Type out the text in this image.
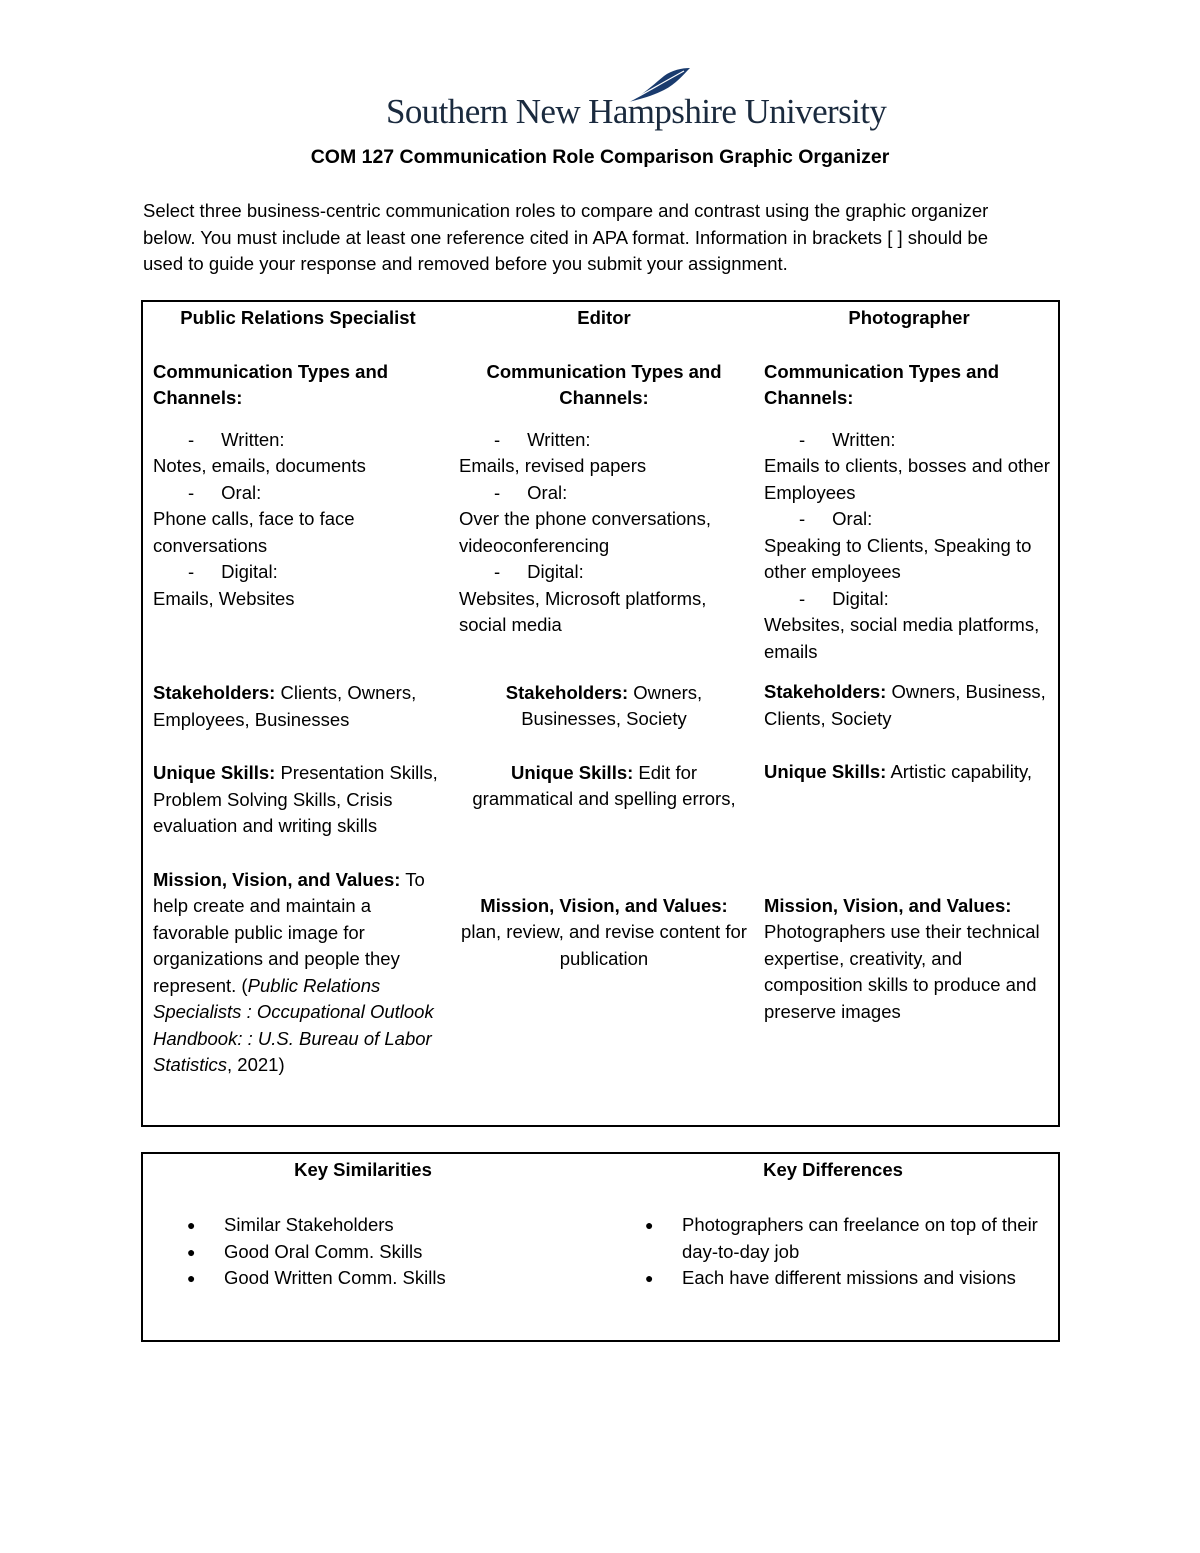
Southern New Hampshire University
COM 127 Communication Role Comparison Graphic Organizer

Select three business-centric communication roles to compare and contrast using the graphic organizer

below. You must include at least one reference cited in APA format. Information in brackets [ ] should be

used to guide your response and removed before you submit your assignment.

Public Relations Specialist

Communication Types and Channels:

- Written:

Notes, emails, documents

- Oral:

Phone calls, face to face conversations

- Digital:

Emails, Websites

Stakeholders: Clients, Owners, Employees, Businesses

Unique Skills: Presentation Skills, Problem Solving Skills, Crisis evaluation and writing skills

Mission, Vision, and Values: To help create and maintain a favorable public image for organizations and people they represent. (Public Relations Specialists : Occupational Outlook Handbook: : U.S. Bureau of Labor Statistics, 2021)

Editor

Communication Types and Channels:

- Written:

Emails, revised papers

- Oral:

Over the phone conversations, videoconferencing

- Digital:

Websites, Microsoft platforms, social media

Stakeholders: Owners, Businesses, Society

Unique Skills: Edit for grammatical and spelling errors,

Mission, Vision, and Values: plan, review, and revise content for publication

Photographer

Communication Types and Channels:

- Written:

Emails to clients, bosses and other Employees

- Oral:

Speaking to Clients, Speaking to other employees

- Digital:

Websites, social media platforms, emails

Stakeholders: Owners, Business, Clients, Society

Unique Skills: Artistic capability,

Mission, Vision, and Values: Photographers use their technical expertise, creativity, and composition skills to produce and preserve images

Key Similarities	Key Differences
● Similar Stakeholders
● Good Oral Comm. Skills
● Good Written Comm. Skills
● Photographers can freelance on top of their day-to-day job
● Each have different missions and visions
